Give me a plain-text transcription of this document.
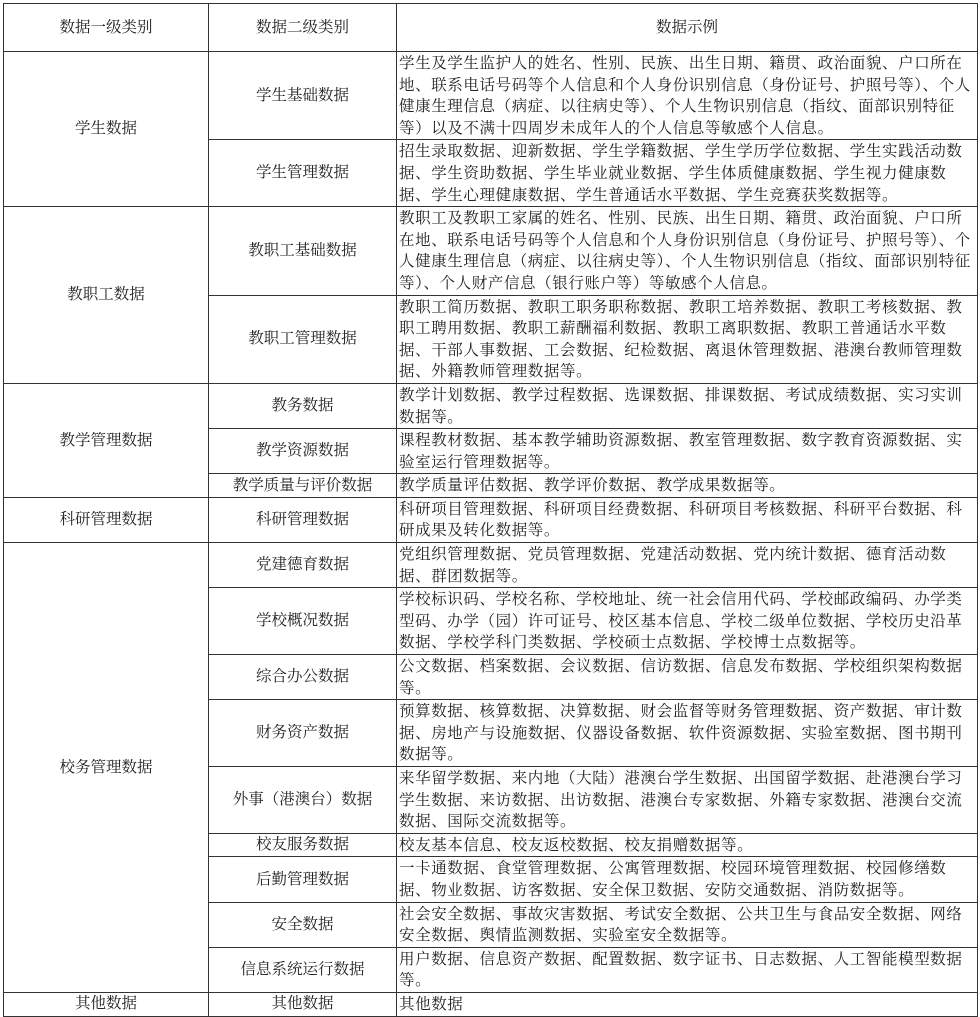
数据一级类别	数据二级类别	数据示例
学生数据	学生基础数据	学生及学生监护人的姓名、性别、民族、出生日期、籍贯、政治面貌、户口所在地、联系电话号码等个人信息和个人身份识别信息（身份证号、护照号等）、个人健康生理信息（病症、以往病史等）、个人生物识别信息（指纹、面部识别特征等）以及不满十四周岁未成年人的个人信息等敏感个人信息。
	学生管理数据	招生录取数据、迎新数据、学生学籍数据、学生学历学位数据、学生实践活动数据、学生资助数据、学生毕业就业数据、学生体质健康数据、学生视力健康数据、学生心理健康数据、学生普通话水平数据、学生竞赛获奖数据等。
教职工数据	教职工基础数据	教职工及教职工家属的姓名、性别、民族、出生日期、籍贯、政治面貌、户口所在地、联系电话号码等个人信息和个人身份识别信息（身份证号、护照号等）、个人健康生理信息（病症、以往病史等）、个人生物识别信息（指纹、面部识别特征等）、个人财产信息（银行账户等）等敏感个人信息。
	教职工管理数据	教职工简历数据、教职工职务职称数据、教职工培养数据、教职工考核数据、教职工聘用数据、教职工薪酬福利数据、教职工离职数据、教职工普通话水平数据、干部人事数据、工会数据、纪检数据、离退休管理数据、港澳台教师管理数据、外籍教师管理数据等。
教学管理数据	教务数据	教学计划数据、教学过程数据、选课数据、排课数据、考试成绩数据、实习实训数据等。
	教学资源数据	课程教材数据、基本教学辅助资源数据、教室管理数据、数字教育资源数据、实验室运行管理数据等。
	教学质量与评价数据	教学质量评估数据、教学评价数据、教学成果数据等。
科研管理数据	科研管理数据	科研项目管理数据、科研项目经费数据、科研项目考核数据、科研平台数据、科研成果及转化数据等。
校务管理数据	党建德育数据	党组织管理数据、党员管理数据、党建活动数据、党内统计数据、德育活动数据、群团数据等。
	学校概况数据	学校标识码、学校名称、学校地址、统一社会信用代码、学校邮政编码、办学类型码、办学（园）许可证号、校区基本信息、学校二级单位数据、学校历史沿革数据、学校学科门类数据、学校硕士点数据、学校博士点数据等。
	综合办公数据	公文数据、档案数据、会议数据、信访数据、信息发布数据、学校组织架构数据等。
	财务资产数据	预算数据、核算数据、决算数据、财会监督等财务管理数据、资产数据、审计数据、房地产与设施数据、仪器设备数据、软件资源数据、实验室数据、图书期刊数据等。
	外事（港澳台）数据	来华留学数据、来内地（大陆）港澳台学生数据、出国留学数据、赴港澳台学习学生数据、来访数据、出访数据、港澳台专家数据、外籍专家数据、港澳台交流数据、国际交流数据等。
	校友服务数据	校友基本信息、校友返校数据、校友捐赠数据等。
	后勤管理数据	一卡通数据、食堂管理数据、公寓管理数据、校园环境管理数据、校园修缮数据、物业数据、访客数据、安全保卫数据、安防交通数据、消防数据等。
	安全数据	社会安全数据、事故灾害数据、考试安全数据、公共卫生与食品安全数据、网络安全数据、舆情监测数据、实验室安全数据等。
	信息系统运行数据	用户数据、信息资产数据、配置数据、数字证书、日志数据、人工智能模型数据等。
其他数据	其他数据	其他数据
